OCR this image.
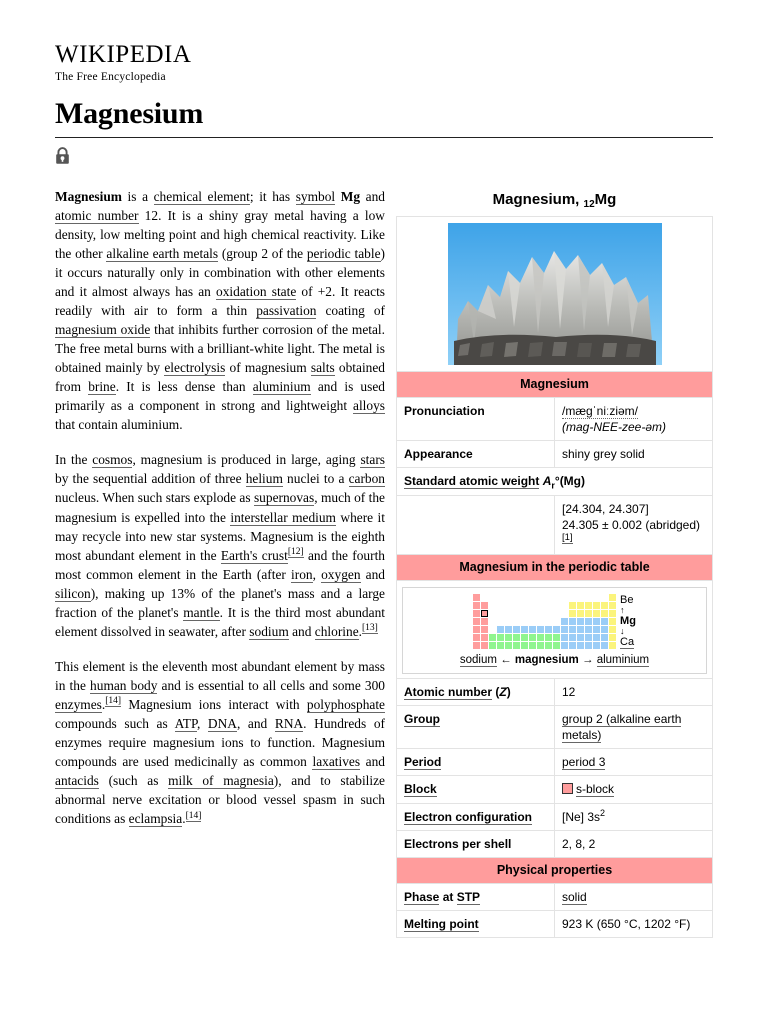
WIKIPEDIA
The Free Encyclopedia
Magnesium

Magnesium is a chemical element; it has symbol Mg and atomic number 12. It is a shiny gray metal having a low density, low melting point and high chemical reactivity. Like the other alkaline earth metals (group 2 of the periodic table) it occurs naturally only in combination with other elements and it almost always has an oxidation state of +2. It reacts readily with air to form a thin passivation coating of magnesium oxide that inhibits further corrosion of the metal. The free metal burns with a brilliant-white light. The metal is obtained mainly by electrolysis of magnesium salts obtained from brine. It is less dense than aluminium and is used primarily as a component in strong and lightweight alloys that contain aluminium.

In the cosmos, magnesium is produced in large, aging stars by the sequential addition of three helium nuclei to a carbon nucleus. When such stars explode as supernovas, much of the magnesium is expelled into the interstellar medium where it may recycle into new star systems. Magnesium is the eighth most abundant element in the Earth's crust[12] and the fourth most common element in the Earth (after iron, oxygen and silicon), making up 13% of the planet's mass and a large fraction of the planet's mantle. It is the third most abundant element dissolved in seawater, after sodium and chlorine.[13]

This element is the eleventh most abundant element by mass in the human body and is essential to all cells and some 300 enzymes.[14] Magnesium ions interact with polyphosphate compounds such as ATP, DNA, and RNA. Hundreds of enzymes require magnesium ions to function. Magnesium compounds are used medicinally as common laxatives and antacids (such as milk of magnesia), and to stabilize abnormal nerve excitation or blood vessel spasm in such conditions as eclampsia.[14]

Magnesium, $_{12}$Mg

Magnesium	
Pronunciation	/mæɡˈniːziəm/
(mag-NEE-zee-əm)

Appearance	shiny grey solid
Standard atomic weight $A_r^\circ(Mg)$	

	[24.304, 24.307]
24.305 ± 0.002 (abridged)[1]

Magnesium in the periodic table	

Be
↑
Mg
↓
Ca
sodium ← magnesium → aluminium

Atomic number (Z)	12
Group	group 2 (alkaline earth metals)
Period	period 3
Block	s-block
Electron configuration	[Ne] $3s^2$
Electrons per shell	2, 8, 2
Physical properties	
Phase at STP	solid
Melting point	923 K (650 °C, 1202 °F)
